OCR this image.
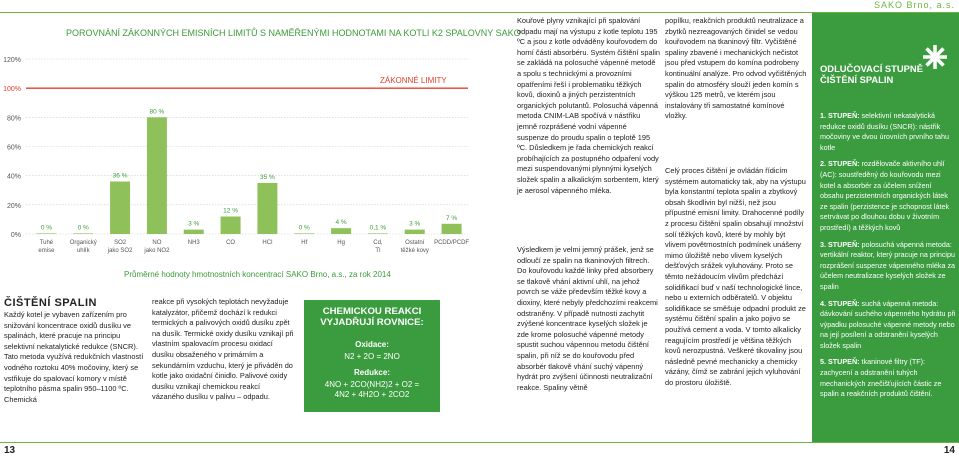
SAKO Brno, a.s.
POROVNÁNÍ ZÁKONNÝCH EMISNÍCH LIMITŮ S NAMĚŘENÝMI HODNOTAMI NA KOTLI K2 SPALOVNY SAKO
ZÁKONNÉ LIMITY
0%
20%
40%
60%
80%
100%
120%
0 %
Tuhé
emise
0 %
Organický
uhlík
36 %
SO2
jako SO2
80 %
NO
jako NO2
3 %
NH3
12 %
CO
35 %
HCl
0 %
Hf
4 %
Hg
0,1 %
Cd,
Tl
3 %
Ostatní
těžké kovy
7 %
PCDD/PCDF
Průměrné hodnoty hmotnostních koncentrací SAKO Brno, a.s., za rok 2014
ČIŠTĚNÍ SPALIN
Každý kotel je vybaven zařízením pro snižování koncentrace oxidů dusíku ve spalinách, které pracuje na principu selektivní nekatalytické redukce (SNCR). Tato metoda využívá redukčních vlastností vodného roztoku 40% močoviny, který se vstřikuje do spalovací komory v místě teplotního pásma spalin 950–1100 ºC. Chemická
reakce při vysokých teplotách nevyžaduje katalyzátor, přičemž dochází k redukci termických a palivových oxidů dusíku zpět na dusík. Termické oxidy dusíku vznikají při vlastním spalovacím procesu oxidací dusíku obsaženého v primárním a sekundárním vzduchu, který je přiváděn do kotle jako oxidační činidlo. Palivové oxidy dusíku vznikají chemickou reakcí vázaného dusíku v palivu – odpadu.
CHEMICKOU REAKCI VYJADŘUJÍ ROVNICE:
Oxidace:
N2 + 2O = 2NO
Redukce:
4NO + 2CO(NH2)2 + O2 =
4N2 + 4H2O + 2CO2
Kouřové plyny vznikající při spalování odpadu mají na výstupu z kotle teplotu 195 ºC a jsou z kotle odváděny kouřovodem do horní části absorbéru. Systém čištění spalin se zakládá na polosuché vápenné metodě a spolu s technickými a provozními opatřeními řeší i problematiku těžkých kovů, dioxinů a jiných perzistentních organických polutantů. Polosuchá vápenná metoda CNIM-LAB spočívá v nástřiku jemně rozprášené vodní vápenné suspenze do proudu spalin o teplotě 195 ºC. Důsledkem je řada chemických reakcí probíhajících za postupného odpaření vody mezi suspendovanými plynnými kyselých složek spalin a alkalickým sorbentem, který je aerosol vápenného mléka.
Výsledkem je velmi jemný prášek, jenž se odloučí ze spalin na tkaninových filtrech. Do kouřovodu každé linky před absorbery se tlakově vhání aktivní uhlí, na jehož povrch se váže především těžké kovy a dioxiny, které nebyly předchozími reakcemi odstraněny. V případě nutnosti zachytit zvýšené koncentrace kyselých složek je zde krome polosuché vápenné metody spustit suchou vápennou metodu čištění spalin, při níž se do kouřovodu před absorbér tlakově vhání suchý vápenný hydrát pro zvýšení účinnosti neutralizační reakce. Spaliny větně
popílku, reakčních produktů neutralizace a zbytků nezreagovaných činidel se vedou kouřovodem na tkaninový filtr. Vyčištěné spaliny zbavené i mechanických nečistot jsou před vstupem do komína podrobeny kontinuální analýze. Pro odvod vyčištěných spalin do atmosféry slouží jeden komín s výškou 125 metrů, ve kterém jsou instalovány tři samostatné komínové vložky.
Celý proces čištění je ovládán řídicím systémem automaticky tak, aby na výstupu byla konstantní teplota spalin a zbytkový obsah škodlivin byl nižší, než jsou přípustné emisní limity. Drahocenné podíly z procesu čištění spalin obsahují množství solí těžkých kovů, které by mohly být vlivem povětrnostních podmínek unášeny mimo úložiště nebo vlivem kyselých dešťových srážek vyluhovány. Proto se těmto nežádoucím vlivům předchází solidifikací buď v naší technologické lince, nebo u externích odběratelů. V objektu solidifikace se směšuje odpadní produkt ze systému čištění spalin a jako pojivo se používá cement a voda. V tomto alkalicky reagujícím prostředí je většina těžkých kovů nerozpustná. Veškeré tikovaliny jsou následně pevné mechanicky a chemicky vázány, čímž se zabrání jejich vyluhování do prostoru úložiště.
ODLUČOVACÍ STUPNĚ ČIŠTĚNÍ SPALIN
1. STUPEŇ: selektivní nekatalytická redukce oxidů dusíku (SNCR): nástřik močoviny ve dvou úrovních prvního tahu kotle
2. STUPEŇ: rozdělovače aktivního uhlí (AC): soustředěný do kouřovodu mezi kotel a absorbér za účelem snížení obsahu perzistentních organických látek ze spalin (perzistence je schopnost látek setrvávat po dlouhou dobu v životním prostředí) a těžkých kovů
3. STUPEŇ: polosuchá vápenná metoda: vertikální reaktor, který pracuje na principu rozprášení suspenze vápenného mléka za účelem neutralizace kyselých složek ze spalin
4. STUPEŇ: suchá vápenná metoda: dávkování suchého vápenného hydrátu při výpadku polosuché vápenné metody nebo na její posílení a odstranění kyselých složek spalin
5. STUPEŇ: tkaninové filtry (TF): zachycení a odstranění tuhých mechanických znečišťujících částic ze spalin a reakčních produktů čištění.
13	14
